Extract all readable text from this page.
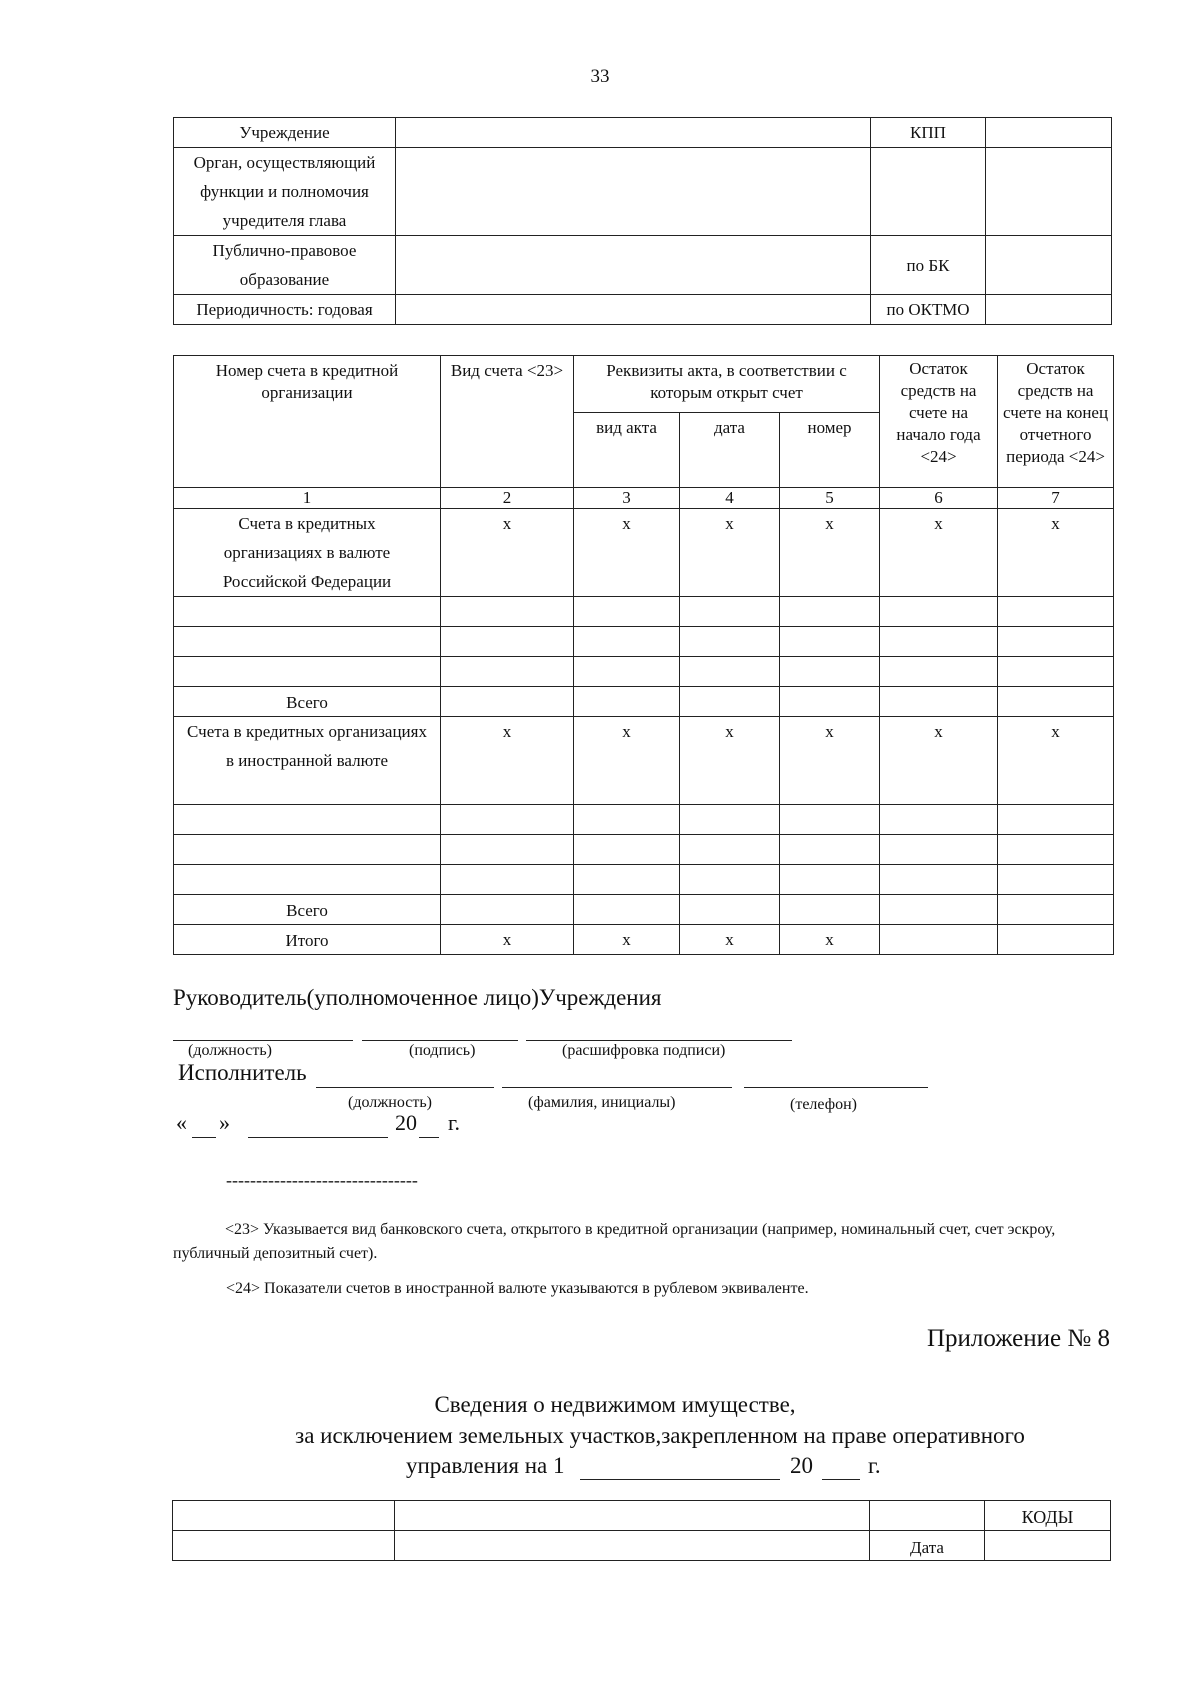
33
Учреждение		КПП	
Орган, осуществляющий функции и полномочия учредителя глава			
Публично-правовое образование		по БК	
Периодичность: годовая		по ОКТМО	
Номер счета в кредитной организации	Вид счета <23>	Реквизиты акта, в соответствии с которым открыт счет			Остаток средств на счете на начало года <24>	Остаток средств на счете на конец отчетного периода <24>

		вид акта	дата	номер		
1	2	3	4	5	6	7
Счета в кредитных организациях в валюте Российской Федерации	х	х	х	х	х	х

Всего						
Счета в кредитных организациях в иностранной валюте	х	х	х	х	х	х

Всего						
Итого	х	х	х	х		
Руководитель(уполномоченное лицо)Учреждения
(должность)	(подпись)	(расшифровка подписи)
Исполнитель
(должность)	(фамилия, инициалы)	(телефон)
« »	20 г.
--------------------------------
<23> Указывается вид банковского счета, открытого в кредитной организации (например, номинальный счет, счет эскроу, публичный депозитный счет).
<24> Показатели счетов в иностранной валюте указываются в рублевом эквиваленте.
Приложение № 8
Сведения о недвижимом имуществе,
за исключением земельных участков,закрепленном на праве оперативного
управления на 1	20 г.
			КОДЫ
		Дата	
